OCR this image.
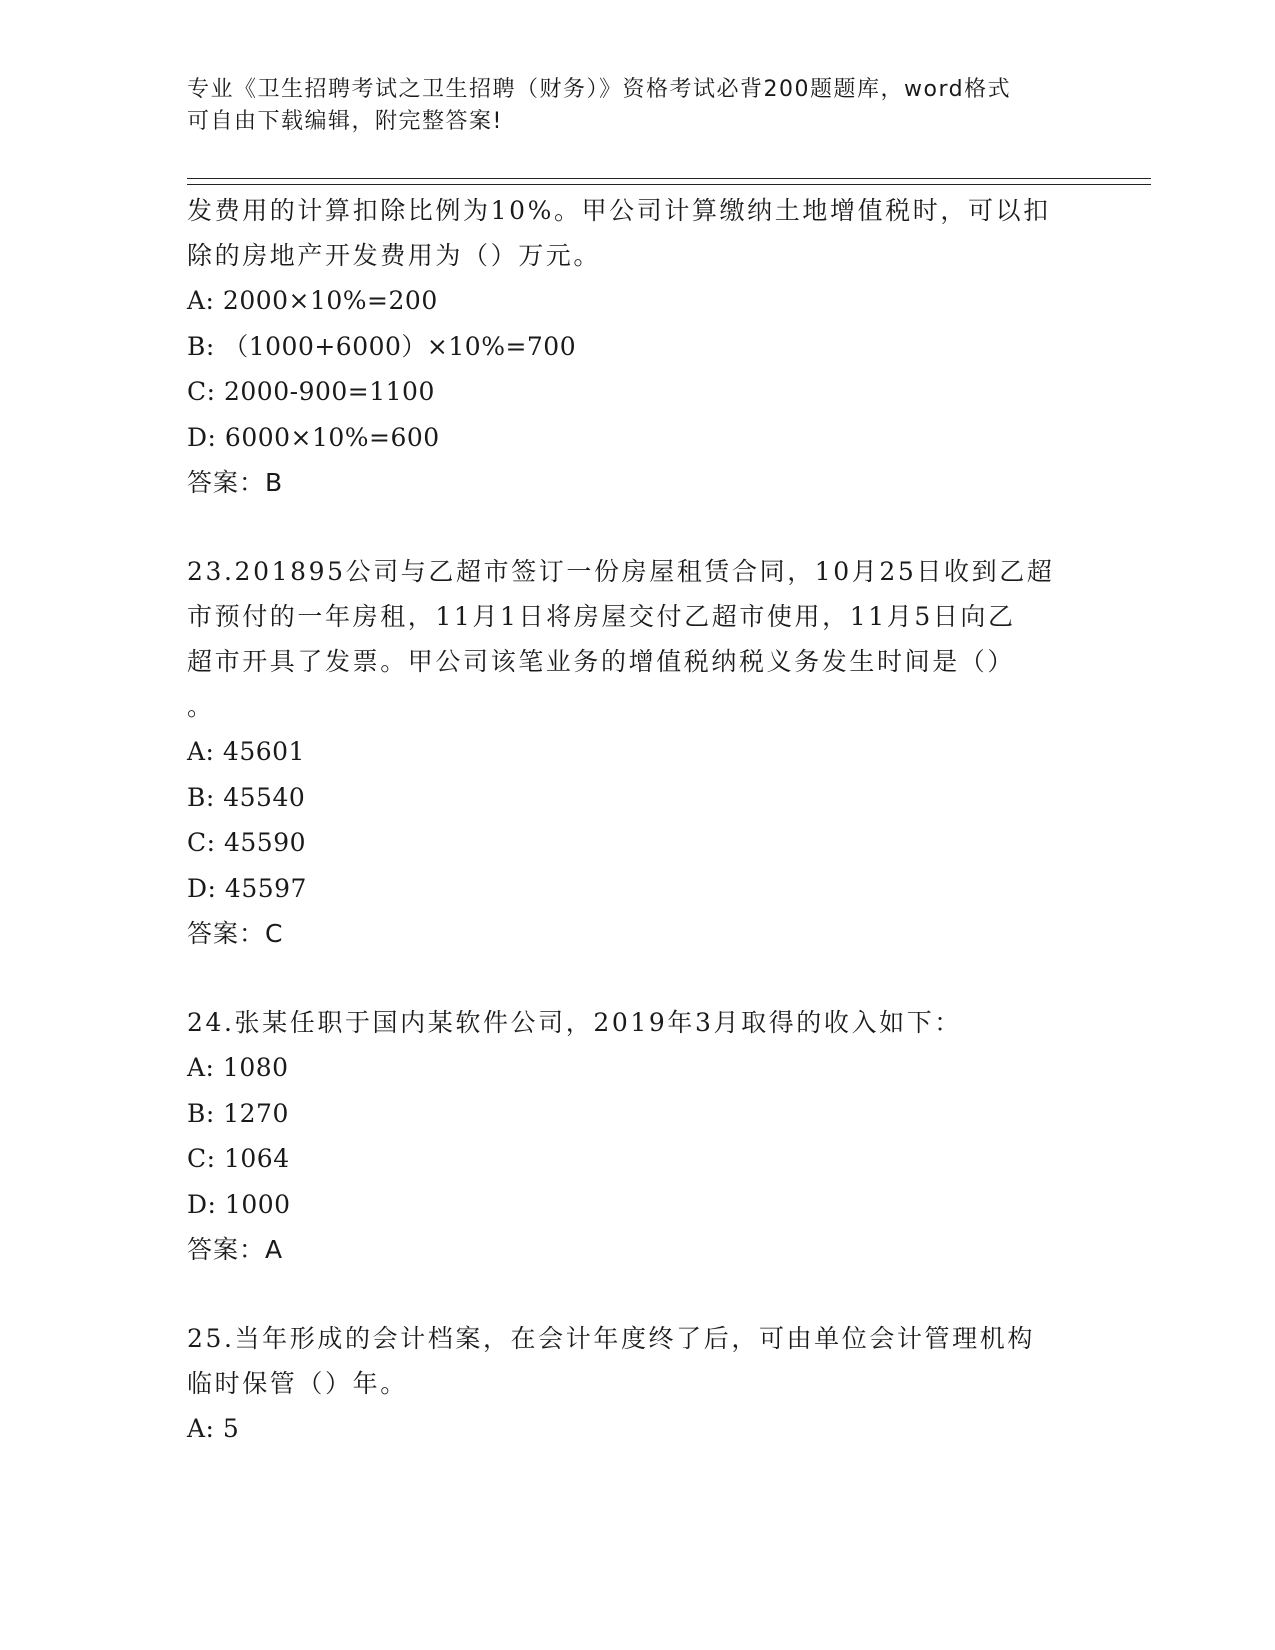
专业《卫生招聘考试之卫生招聘（财务）》资格考试必背200题题库，word格式
可自由下载编辑，附完整答案!

发费用的计算扣除比例为10%。甲公司计算缴纳土地增值税时，可以扣

除的房地产开发费用为（）万元。

A: 2000×10%=200

B: （1000+6000）×10%=700

C: 2000-900=1100

D: 6000×10%=600

答案：B

23.201895公司与乙超市签订一份房屋租赁合同，10月25日收到乙超

市预付的一年房租，11月1日将房屋交付乙超市使用，11月5日向乙

超市开具了发票。甲公司该笔业务的增值税纳税义务发生时间是（）

。

A: 45601

B: 45540

C: 45590

D: 45597

答案：C

24.张某任职于国内某软件公司，2019年3月取得的收入如下：

A: 1080

B: 1270

C: 1064

D: 1000

答案：A

25.当年形成的会计档案，在会计年度终了后，可由单位会计管理机构

临时保管（）年。

A: 5
